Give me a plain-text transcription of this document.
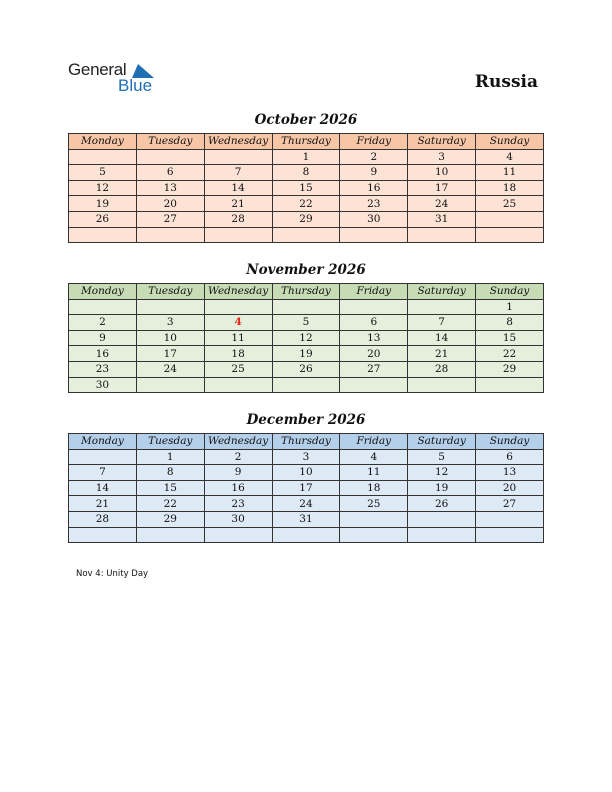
General
Blue	Russia
October 2026
Monday	Tuesday	Wednesday	Thursday	Friday	Saturday	Sunday
			1	2	3	4
5	6	7	8	9	10	11
12	13	14	15	16	17	18
19	20	21	22	23	24	25
26	27	28	29	30	31	

November 2026
Monday	Tuesday	Wednesday	Thursday	Friday	Saturday	Sunday
						1
2	3	4	5	6	7	8
9	10	11	12	13	14	15
16	17	18	19	20	21	22
23	24	25	26	27	28	29
30						
December 2026
Monday	Tuesday	Wednesday	Thursday	Friday	Saturday	Sunday
	1	2	3	4	5	6
7	8	9	10	11	12	13
14	15	16	17	18	19	20
21	22	23	24	25	26	27
28	29	30	31			

Nov 4: Unity Day
